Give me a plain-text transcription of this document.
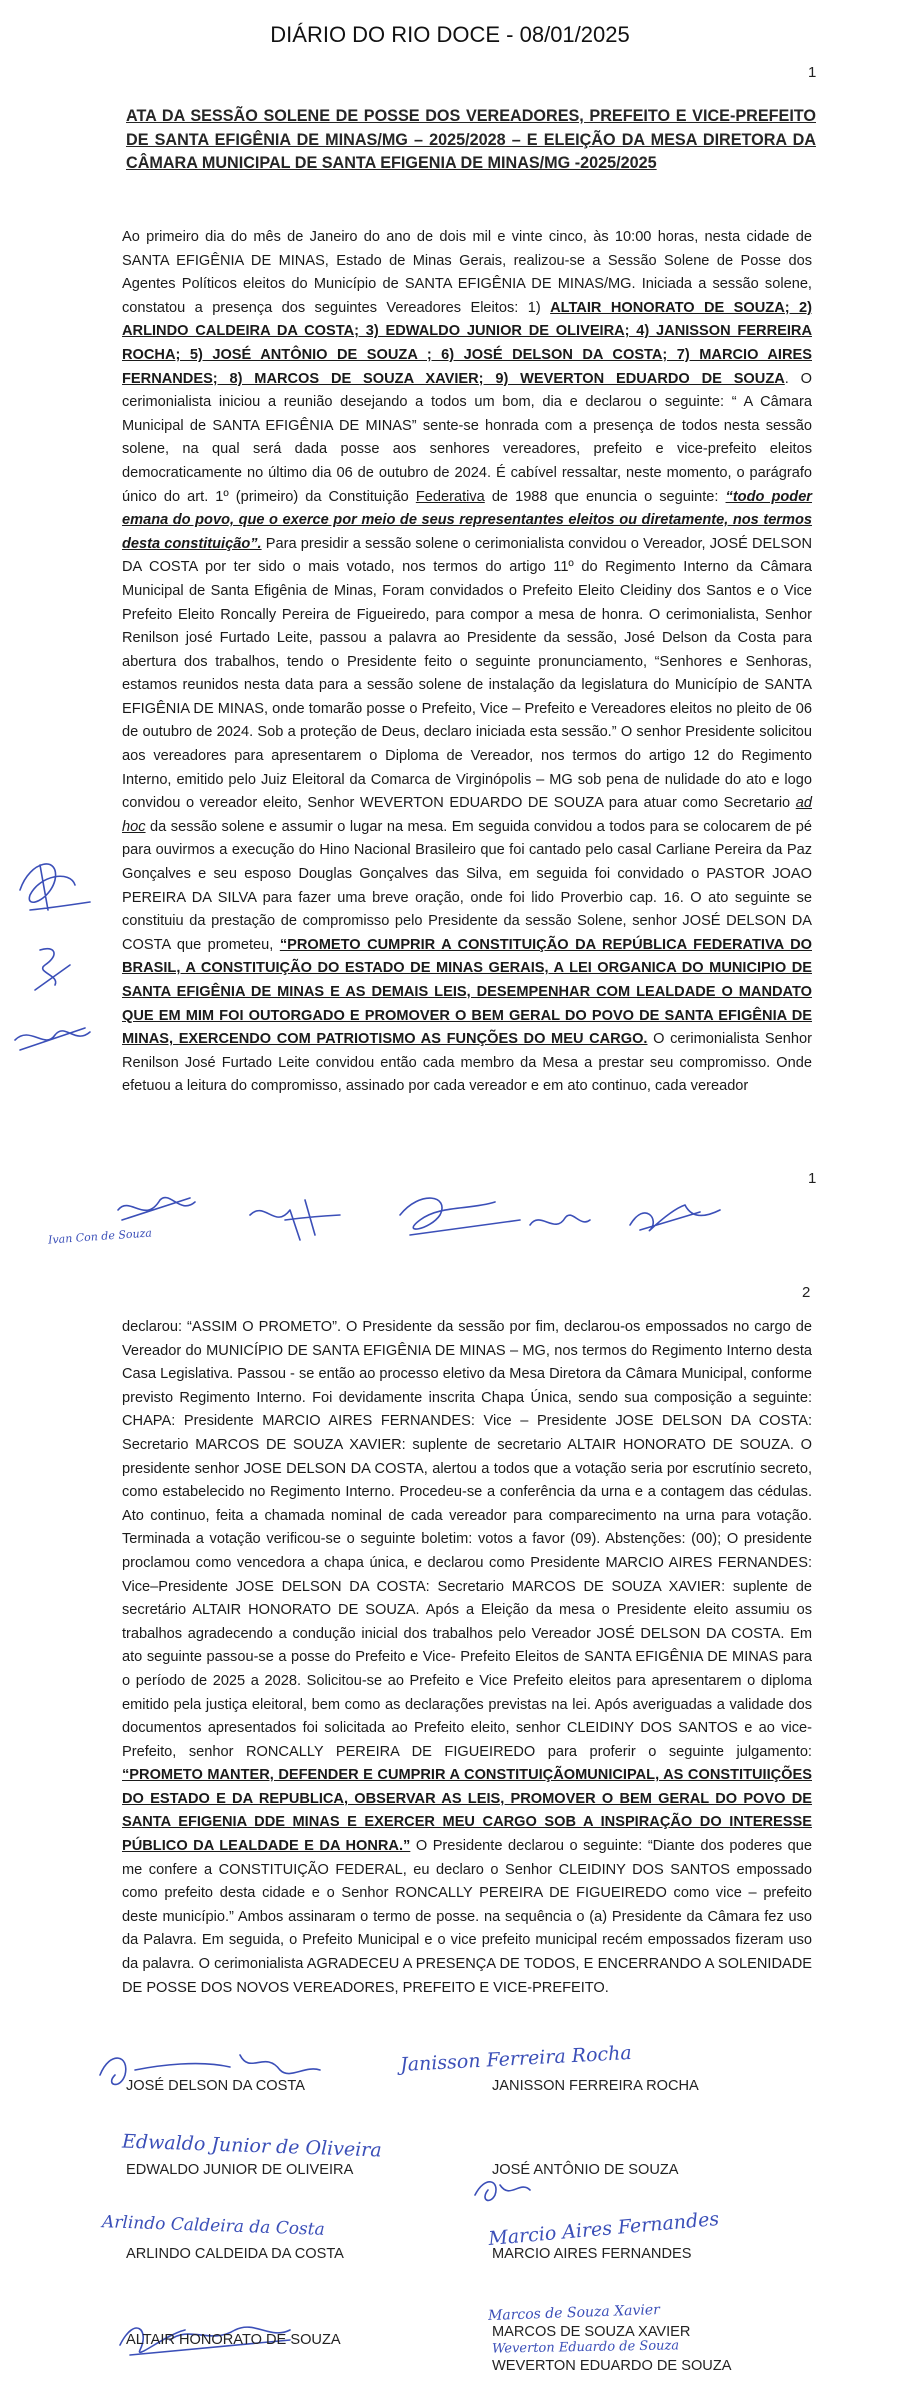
DIÁRIO DO RIO DOCE - 08/01/2025
1
ATA DA SESSÃO SOLENE DE POSSE DOS VEREADORES, PREFEITO E VICE-PREFEITO DE SANTA EFIGÊNIA DE MINAS/MG – 2025/2028 – E ELEIÇÃO DA MESA DIRETORA DA CÂMARA MUNICIPAL DE SANTA EFIGENIA DE MINAS/MG -2025/2025
Ao primeiro dia do mês de Janeiro do ano de dois mil e vinte cinco, às 10:00 horas, nesta cidade de SANTA EFIGÊNIA DE MINAS, Estado de Minas Gerais, realizou-se a Sessão Solene de Posse dos Agentes Políticos eleitos do Município de SANTA EFIGÊNIA DE MINAS/MG. Iniciada a sessão solene, constatou a presença dos seguintes Vereadores Eleitos: 1) ALTAIR HONORATO DE SOUZA; 2) ARLINDO CALDEIRA DA COSTA; 3) EDWALDO JUNIOR DE OLIVEIRA; 4) JANISSON FERREIRA ROCHA; 5) JOSÉ ANTÔNIO DE SOUZA ; 6) JOSÉ DELSON DA COSTA; 7) MARCIO AIRES FERNANDES; 8) MARCOS DE SOUZA XAVIER; 9) WEVERTON EDUARDO DE SOUZA. O cerimonialista iniciou a reunião desejando a todos um bom, dia e declarou o seguinte: “ A Câmara Municipal de SANTA EFIGÊNIA DE MINAS” sente-se honrada com a presença de todos nesta sessão solene, na qual será dada posse aos senhores vereadores, prefeito e vice-prefeito eleitos democraticamente no último dia 06 de outubro de 2024. É cabível ressaltar, neste momento, o parágrafo único do art. 1º (primeiro) da Constituição Federativa de 1988 que enuncia o seguinte: “todo poder emana do povo, que o exerce por meio de seus representantes eleitos ou diretamente, nos termos desta constituição”. Para presidir a sessão solene o cerimonialista convidou o Vereador, JOSÉ DELSON DA COSTA por ter sido o mais votado, nos termos do artigo 11º do Regimento Interno da Câmara Municipal de Santa Efigênia de Minas, Foram convidados o Prefeito Eleito Cleidiny dos Santos e o Vice Prefeito Eleito Roncally Pereira de Figueiredo, para compor a mesa de honra. O cerimonialista, Senhor Renilson josé Furtado Leite, passou a palavra ao Presidente da sessão, José Delson da Costa para abertura dos trabalhos, tendo o Presidente feito o seguinte pronunciamento, “Senhores e Senhoras, estamos reunidos nesta data para a sessão solene de instalação da legislatura do Município de SANTA EFIGÊNIA DE MINAS, onde tomarão posse o Prefeito, Vice – Prefeito e Vereadores eleitos no pleito de 06 de outubro de 2024. Sob a proteção de Deus, declaro iniciada esta sessão.” O senhor Presidente solicitou aos vereadores para apresentarem o Diploma de Vereador, nos termos do artigo 12 do Regimento Interno, emitido pelo Juiz Eleitoral da Comarca de Virginópolis – MG sob pena de nulidade do ato e logo convidou o vereador eleito, Senhor WEVERTON EDUARDO DE SOUZA para atuar como Secretario ad hoc da sessão solene e assumir o lugar na mesa. Em seguida convidou a todos para se colocarem de pé para ouvirmos a execução do Hino Nacional Brasileiro que foi cantado pelo casal Carliane Pereira da Paz Gonçalves e seu esposo Douglas Gonçalves das Silva, em seguida foi convidado o PASTOR JOAO PEREIRA DA SILVA para fazer uma breve oração, onde foi lido Proverbio cap. 16. O ato seguinte se constituiu da prestação de compromisso pelo Presidente da sessão Solene, senhor JOSÉ DELSON DA COSTA que prometeu, “PROMETO CUMPRIR A CONSTITUIÇÃO DA REPÚBLICA FEDERATIVA DO BRASIL, A CONSTITUIÇÃO DO ESTADO DE MINAS GERAIS, A LEI ORGANICA DO MUNICIPIO DE SANTA EFIGÊNIA DE MINAS E AS DEMAIS LEIS, DESEMPENHAR COM LEALDADE O MANDATO QUE EM MIM FOI OUTORGADO E PROMOVER O BEM GERAL DO POVO DE SANTA EFIGÊNIA DE MINAS, EXERCENDO COM PATRIOTISMO AS FUNÇÕES DO MEU CARGO. O cerimonialista Senhor Renilson José Furtado Leite convidou então cada membro da Mesa a prestar seu compromisso. Onde efetuou a leitura do compromisso, assinado por cada vereador e em ato continuo, cada vereador
1
Ivan Con de Souza
2
declarou: “ASSIM O PROMETO”. O Presidente da sessão por fim, declarou-os empossados no cargo de Vereador do MUNICÍPIO DE SANTA EFIGÊNIA DE MINAS – MG, nos termos do Regimento Interno desta Casa Legislativa. Passou - se então ao processo eletivo da Mesa Diretora da Câmara Municipal, conforme previsto Regimento Interno. Foi devidamente inscrita Chapa Única, sendo sua composição a seguinte: CHAPA: Presidente MARCIO AIRES FERNANDES: Vice – Presidente JOSE DELSON DA COSTA: Secretario MARCOS DE SOUZA XAVIER: suplente de secretario ALTAIR HONORATO DE SOUZA. O presidente senhor JOSE DELSON DA COSTA, alertou a todos que a votação seria por escrutínio secreto, como estabelecido no Regimento Interno. Procedeu-se a conferência da urna e a contagem das cédulas. Ato continuo, feita a chamada nominal de cada vereador para comparecimento na urna para votação. Terminada a votação verificou-se o seguinte boletim: votos a favor (09). Abstenções: (00); O presidente proclamou como vencedora a chapa única, e declarou como Presidente MARCIO AIRES FERNANDES: Vice–Presidente JOSE DELSON DA COSTA: Secretario MARCOS DE SOUZA XAVIER: suplente de secretário ALTAIR HONORATO DE SOUZA. Após a Eleição da mesa o Presidente eleito assumiu os trabalhos agradecendo a condução inicial dos trabalhos pelo Vereador JOSÉ DELSON DA COSTA. Em ato seguinte passou-se a posse do Prefeito e Vice- Prefeito Eleitos de SANTA EFIGÊNIA DE MINAS para o período de 2025 a 2028. Solicitou-se ao Prefeito e Vice Prefeito eleitos para apresentarem o diploma emitido pela justiça eleitoral, bem como as declarações previstas na lei. Após averiguadas a validade dos documentos apresentados foi solicitada ao Prefeito eleito, senhor CLEIDINY DOS SANTOS e ao vice- Prefeito, senhor RONCALLY PEREIRA DE FIGUEIREDO para proferir o seguinte julgamento: “PROMETO MANTER, DEFENDER E CUMPRIR A CONSTITUIÇÃOMUNICIPAL, AS CONSTITUIIÇÕES DO ESTADO E DA REPUBLICA, OBSERVAR AS LEIS, PROMOVER O BEM GERAL DO POVO DE SANTA EFIGENIA DDE MINAS E EXERCER MEU CARGO SOB A INSPIRAÇÃO DO INTERESSE PÚBLICO DA LEALDADE E DA HONRA.” O Presidente declarou o seguinte: “Diante dos poderes que me confere a CONSTITUIÇÃO FEDERAL, eu declaro o Senhor CLEIDINY DOS SANTOS empossado como prefeito desta cidade e o Senhor RONCALLY PEREIRA DE FIGUEIREDO como vice – prefeito deste município.” Ambos assinaram o termo de posse. na sequência o (a) Presidente da Câmara fez uso da Palavra. Em seguida, o Prefeito Municipal e o vice prefeito municipal recém empossados fizeram uso da palavra. O cerimonialista AGRADECEU A PRESENÇA DE TODOS, E ENCERRANDO A SOLENIDADE DE POSSE DOS NOVOS VEREADORES, PREFEITO E VICE-PREFEITO.
Janisson Ferreira Rocha
Edwaldo Junior de Oliveira
Arlindo Caldeira da Costa	Marcio Aires Fernandes
Marcos de Souza Xavier
Weverton Eduardo de Souza
JOSÉ DELSON DA COSTA	JANISSON FERREIRA ROCHA
EDWALDO JUNIOR DE OLIVEIRA	JOSÉ ANTÔNIO DE SOUZA
ARLINDO CALDEIDA DA COSTA	MARCIO AIRES FERNANDES
ALTAIR HONORATO DE SOUZA	MARCOS DE SOUZA XAVIER
WEVERTON EDUARDO DE SOUZA
